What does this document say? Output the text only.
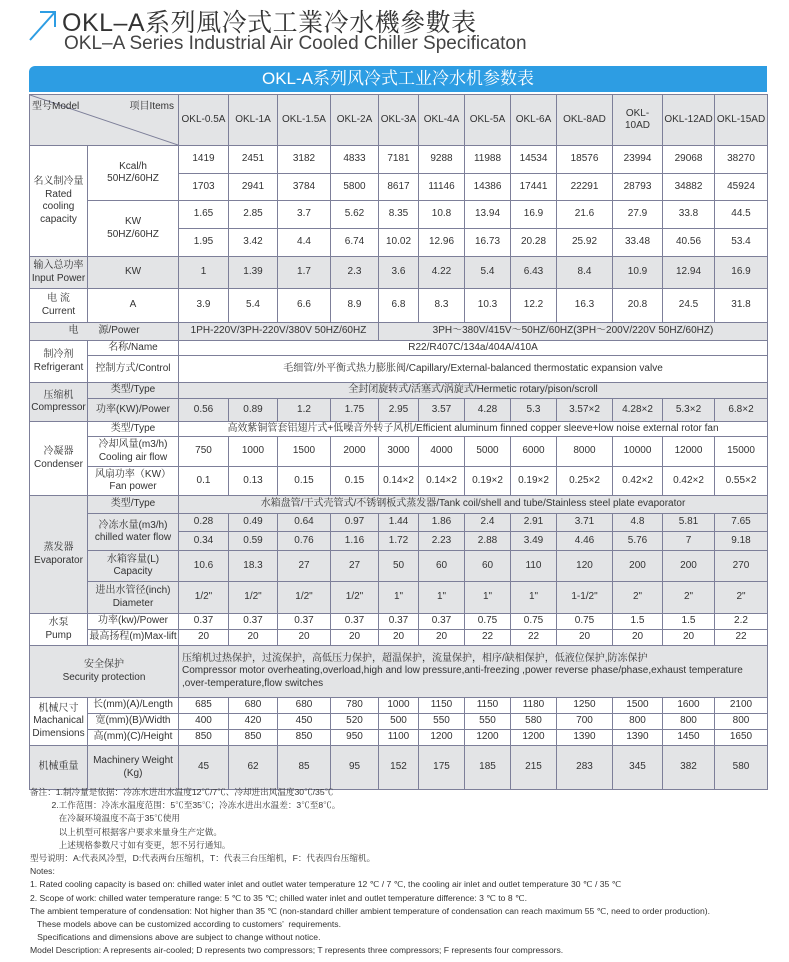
OKL–A系列風冷式工業冷水機參數表
OKL–A Series Industrial Air Cooled Chiller Specificaton
OKL-A系列风冷式工业冷水机参数表

型号Model 项目Items		OKL-0.5A	OKL-1A	OKL-1.5A	OKL-2A	OKL-3A	OKL-4A	OKL-5A	OKL-6A	OKL-8AD	OKL-10AD	OKL-12AD	OKL-15AD
名义制冷量
Rated
cooling
capacity	Kcal/h
50HZ/60HZ	1419	2451	3182	4833	7181	9288	11988	14534	18576	23994	29068	38270
		1703	2941	3784	5800	8617	11146	14386	17441	22291	28793	34882	45924
	KW
50HZ/60HZ	1.65	2.85	3.7	5.62	8.35	10.8	13.94	16.9	21.6	27.9	33.8	44.5
		1.95	3.42	4.4	6.74	10.02	12.96	16.73	20.28	25.92	33.48	40.56	53.4
输入总功率
Input Power	KW	1	1.39	1.7	2.3	3.6	4.22	5.4	6.43	8.4	10.9	12.94	16.9
电 流
Current	A	3.9	5.4	6.6	8.9	6.8	8.3	10.3	12.2	16.3	20.8	24.5	31.8
电　　源/Power		1PH-220V/3PH-220V/380V 50HZ/60HZ				3PH～380V/415V～50HZ/60HZ(3PH～200V/220V 50HZ/60HZ)							
制冷剂
Refrigerant	名称/Name	R22/R407C/134a/404A/410A											
	控制方式/Control	毛细管/外平衡式热力膨胀阀/Capillary/External-balanced thermostatic expansion valve											
压缩机
Compressor	类型/Type	全封闭旋转式/活塞式/涡旋式/Hermetic rotary/pison/scroll											
	功率(KW)/Power	0.56	0.89	1.2	1.75	2.95	3.57	4.28	5.3	3.57×2	4.28×2	5.3×2	6.8×2
冷凝器
Condenser	类型/Type	高效紫铜管套铝翅片式+低噪音外转子风机/Efficient aluminum finned copper sleeve+low noise external rotor fan											
	冷却风量(m3/h)
Cooling air flow	750	1000	1500	2000	3000	4000	5000	6000	8000	10000	12000	15000
	风扇功率（KW）
Fan power	0.1	0.13	0.15	0.15	0.14×2	0.14×2	0.19×2	0.19×2	0.25×2	0.42×2	0.42×2	0.55×2
蒸发器
Evaporator	类型/Type	水箱盘管/干式壳管式/不锈钢板式蒸发器/Tank coil/shell and tube/Stainless steel plate evaporator											
	冷冻水量(m3/h)
chilled water flow	0.28	0.49	0.64	0.97	1.44	1.86	2.4	2.91	3.71	4.8	5.81	7.65
		0.34	0.59	0.76	1.16	1.72	2.23	2.88	3.49	4.46	5.76	7	9.18
	水箱容量(L)
Capacity	10.6	18.3	27	27	50	60	60	110	120	200	200	270
	进出水管径(inch)
Diameter	1/2"	1/2"	1/2"	1/2"	1"	1"	1"	1"	1-1/2"	2"	2"	2"
水泵
Pump	功率(kw)/Power	0.37	0.37	0.37	0.37	0.37	0.37	0.75	0.75	0.75	1.5	1.5	2.2
	最高扬程(m)Max-lift	20	20	20	20	20	20	22	22	20	20	20	22
安全保护
Security protection		压缩机过热保护，过流保护，高低压力保护，超温保护，流量保护，相序/缺相保护，低液位保护,防冻保护
Compressor motor overheating,overload,high and low pressure,anti-freezing ,power reverse phase/phase,exhaust temperature ,over-temperature,flow switches											
机械尺寸
Machanical
Dimensions	长(mm)(A)/Length	685	680	680	780	1000	1150	1150	1180	1250	1500	1600	2100
	宽(mm)(B)/Width	400	420	450	520	500	550	550	580	700	800	800	800
	高(mm)(C)/Height	850	850	850	950	1100	1200	1200	1200	1390	1390	1450	1650
机械重量	Machinery Weight
(Kg)	45	62	85	95	152	175	185	215	283	345	382	580
备注：1.制冷量是依据：冷冻水进出水温度12℃/7℃、冷却进出风温度30℃/35℃
2.工作范围：冷冻水温度范围：5℃至35℃；冷冻水进出水温差：3℃至8℃。
在冷凝环境温度不高于35℃使用
以上机型可根据客户要求来量身生产定做。
上述规格参数尺寸如有变更，恕不另行通知。
型号说明：A:代表风冷型，D:代表两台压缩机，T：代表三台压缩机，F：代表四台压缩机。
Notes:
1. Rated cooling capacity is based on: chilled water inlet and outlet water temperature 12 ℃ / 7 ℃, the cooling air inlet and outlet temperature 30 ℃ / 35 ℃
2. Scope of work: chilled water temperature range: 5 ℃ to 35 ℃; chilled water inlet and outlet temperature difference: 3 ℃ to 8 ℃.
The ambient temperature of condensation: Not higher than 35 ℃ (non-standard chiller ambient temperature of condensation can reach maximum 55 ℃, need to order production).
These models above can be customized according to customers’  requirements.
Specifications and dimensions above are subject to change without notice.
Model Description: A represents air-cooled; D represents two compressors; T represents three compressors; F represents four compressors.
